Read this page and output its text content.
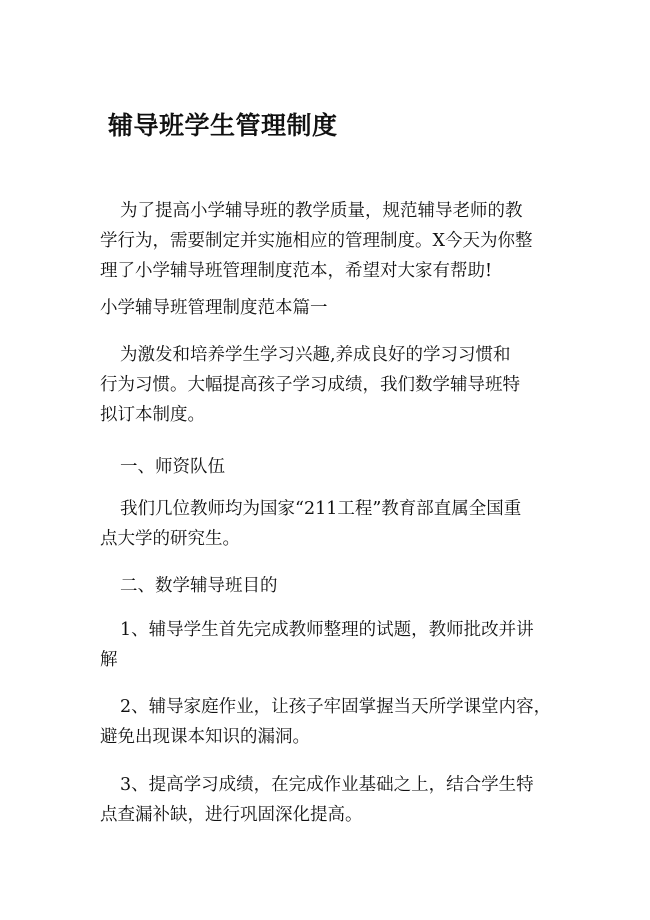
辅导班学生管理制度
为了提高小学辅导班的教学质量，规范辅导老师的教
学行为，需要制定并实施相应的管理制度。X今天为你整
理了小学辅导班管理制度范本，希望对大家有帮助!
小学辅导班管理制度范本篇一
为激发和培养学生学习兴趣,养成良好的学习习惯和
行为习惯。大幅提高孩子学习成绩，我们数学辅导班特
拟订本制度。
一、师资队伍
我们几位教师均为国家“211工程”教育部直属全国重
点大学的研究生。
二、数学辅导班目的
1、辅导学生首先完成教师整理的试题，教师批改并讲
解
2、辅导家庭作业，让孩子牢固掌握当天所学课堂内容，
避免出现课本知识的漏洞。
3、提高学习成绩，在完成作业基础之上，结合学生特
点查漏补缺，进行巩固深化提高。
